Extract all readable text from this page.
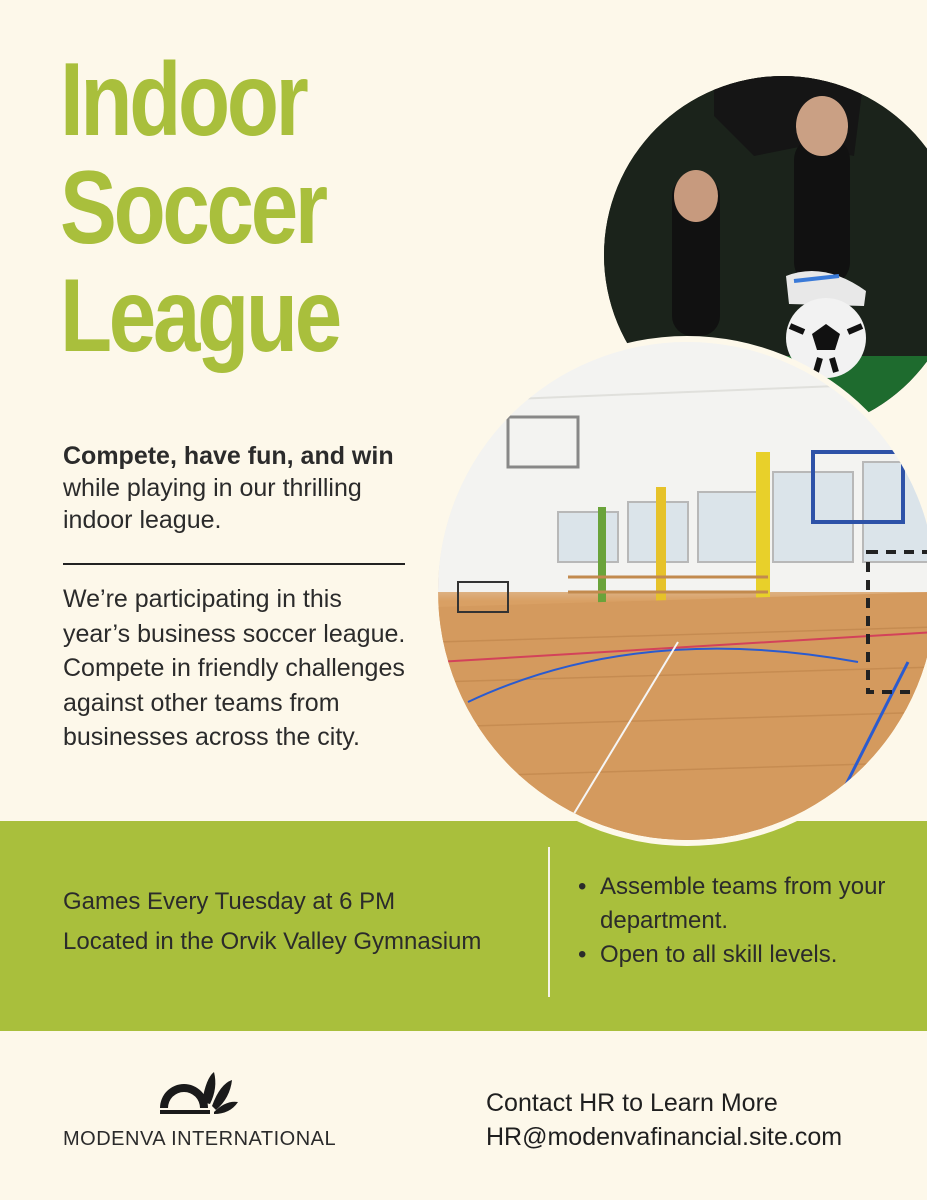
Indoor
Soccer
League

Compete, have fun, and win while playing in our thrilling indoor league.

We’re participating in this year’s business soccer league. Compete in friendly challenges against other teams from businesses across the city.

Games Every Tuesday at 6 PM
Located in the Orvik Valley Gymnasium
• Assemble teams from your department.
• Open to all skill levels.
MODENVA INTERNATIONAL
Contact HR to Learn More
HR@modenvafinancial.site.com
